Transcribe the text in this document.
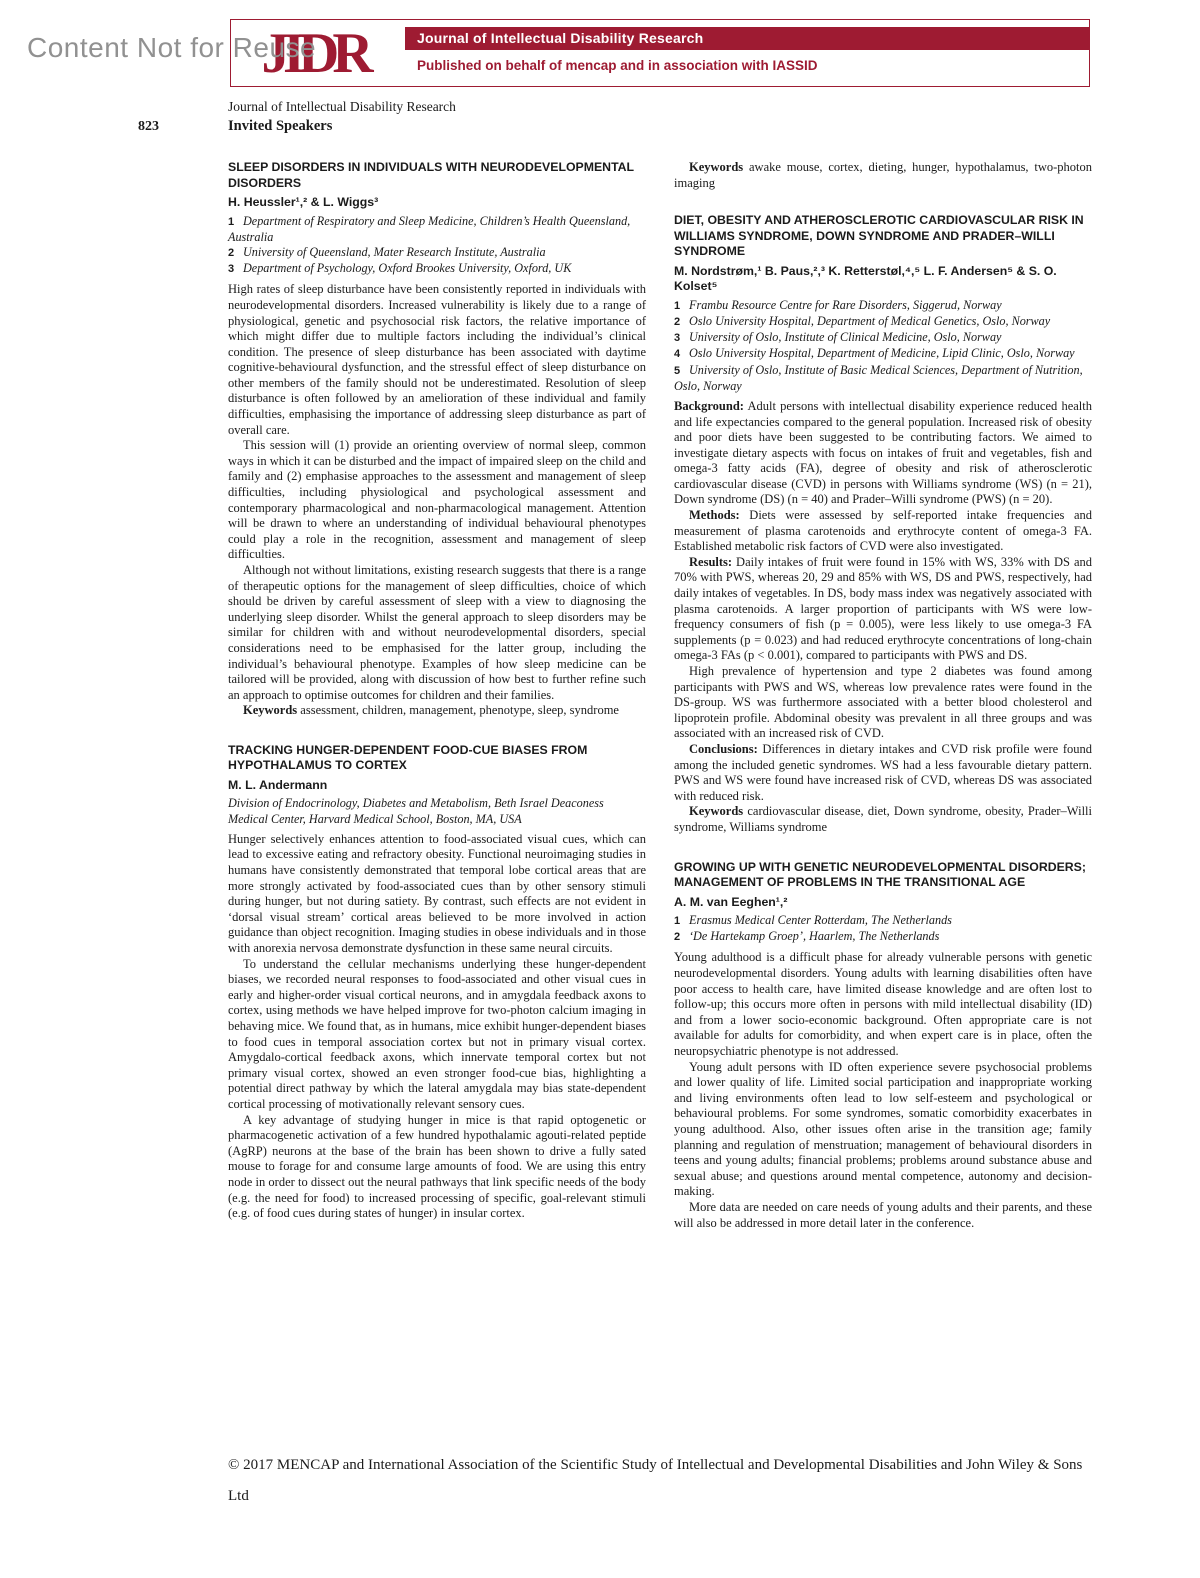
Content Not for Reuse
JIDR	Journal of Intellectual Disability Research
Published on behalf of mencap and in association with IASSID
823

Journal of Intellectual Disability Research

Invited Speakers

SLEEP DISORDERS IN INDIVIDUALS WITH NEURODEVELOPMENTAL DISORDERS

H. Heussler¹,² & L. Wiggs³

1 Department of Respiratory and Sleep Medicine, Children’s Health Queensland, Australia

2 University of Queensland, Mater Research Institute, Australia

3 Department of Psychology, Oxford Brookes University, Oxford, UK

High rates of sleep disturbance have been consistently reported in individuals with neurodevelopmental disorders. Increased vulnerability is likely due to a range of physiological, genetic and psychosocial risk factors, the relative importance of which might differ due to multiple factors including the individual’s clinical condition. The presence of sleep disturbance has been associated with daytime cognitive-behavioural dysfunction, and the stressful effect of sleep disturbance on other members of the family should not be underestimated. Resolution of sleep disturbance is often followed by an amelioration of these individual and family difficulties, emphasising the importance of addressing sleep disturbance as part of overall care.

This session will (1) provide an orienting overview of normal sleep, common ways in which it can be disturbed and the impact of impaired sleep on the child and family and (2) emphasise approaches to the assessment and management of sleep difficulties, including physiological and psychological assessment and contemporary pharmacological and non-pharmacological management. Attention will be drawn to where an understanding of individual behavioural phenotypes could play a role in the recognition, assessment and management of sleep difficulties.

Although not without limitations, existing research suggests that there is a range of therapeutic options for the management of sleep difficulties, choice of which should be driven by careful assessment of sleep with a view to diagnosing the underlying sleep disorder. Whilst the general approach to sleep disorders may be similar for children with and without neurodevelopmental disorders, special considerations need to be emphasised for the latter group, including the individual’s behavioural phenotype. Examples of how sleep medicine can be tailored will be provided, along with discussion of how best to further refine such an approach to optimise outcomes for children and their families.

Keywords assessment, children, management, phenotype, sleep, syndrome

TRACKING HUNGER-DEPENDENT FOOD-CUE BIASES FROM HYPOTHALAMUS TO CORTEX

M. L. Andermann

Division of Endocrinology, Diabetes and Metabolism, Beth Israel Deaconess Medical Center, Harvard Medical School, Boston, MA, USA

Hunger selectively enhances attention to food-associated visual cues, which can lead to excessive eating and refractory obesity. Functional neuroimaging studies in humans have consistently demonstrated that temporal lobe cortical areas that are more strongly activated by food-associated cues than by other sensory stimuli during hunger, but not during satiety. By contrast, such effects are not evident in ‘dorsal visual stream’ cortical areas believed to be more involved in action guidance than object recognition. Imaging studies in obese individuals and in those with anorexia nervosa demonstrate dysfunction in these same neural circuits.

To understand the cellular mechanisms underlying these hunger-dependent biases, we recorded neural responses to food-associated and other visual cues in early and higher-order visual cortical neurons, and in amygdala feedback axons to cortex, using methods we have helped improve for two-photon calcium imaging in behaving mice. We found that, as in humans, mice exhibit hunger-dependent biases to food cues in temporal association cortex but not in primary visual cortex. Amygdalo-cortical feedback axons, which innervate temporal cortex but not primary visual cortex, showed an even stronger food-cue bias, highlighting a potential direct pathway by which the lateral amygdala may bias state-dependent cortical processing of motivationally relevant sensory cues.

A key advantage of studying hunger in mice is that rapid optogenetic or pharmacogenetic activation of a few hundred hypothalamic agouti-related peptide (AgRP) neurons at the base of the brain has been shown to drive a fully sated mouse to forage for and consume large amounts of food. We are using this entry node in order to dissect out the neural pathways that link specific needs of the body (e.g. the need for food) to increased processing of specific, goal-relevant stimuli (e.g. of food cues during states of hunger) in insular cortex.

Keywords awake mouse, cortex, dieting, hunger, hypothalamus, two-photon imaging

DIET, OBESITY AND ATHEROSCLEROTIC CARDIOVASCULAR RISK IN WILLIAMS SYNDROME, DOWN SYNDROME AND PRADER–WILLI SYNDROME

M. Nordstrøm,¹ B. Paus,²,³ K. Retterstøl,⁴,⁵ L. F. Andersen⁵ & S. O. Kolset⁵

1 Frambu Resource Centre for Rare Disorders, Siggerud, Norway

2 Oslo University Hospital, Department of Medical Genetics, Oslo, Norway

3 University of Oslo, Institute of Clinical Medicine, Oslo, Norway

4 Oslo University Hospital, Department of Medicine, Lipid Clinic, Oslo, Norway

5 University of Oslo, Institute of Basic Medical Sciences, Department of Nutrition, Oslo, Norway

Background: Adult persons with intellectual disability experience reduced health and life expectancies compared to the general population. Increased risk of obesity and poor diets have been suggested to be contributing factors. We aimed to investigate dietary aspects with focus on intakes of fruit and vegetables, fish and omega-3 fatty acids (FA), degree of obesity and risk of atherosclerotic cardiovascular disease (CVD) in persons with Williams syndrome (WS) (n = 21), Down syndrome (DS) (n = 40) and Prader–Willi syndrome (PWS) (n = 20).

Methods: Diets were assessed by self-reported intake frequencies and measurement of plasma carotenoids and erythrocyte content of omega-3 FA. Established metabolic risk factors of CVD were also investigated.

Results: Daily intakes of fruit were found in 15% with WS, 33% with DS and 70% with PWS, whereas 20, 29 and 85% with WS, DS and PWS, respectively, had daily intakes of vegetables. In DS, body mass index was negatively associated with plasma carotenoids. A larger proportion of participants with WS were low-frequency consumers of fish (p = 0.005), were less likely to use omega-3 FA supplements (p = 0.023) and had reduced erythrocyte concentrations of long-chain omega-3 FAs (p < 0.001), compared to participants with PWS and DS.

High prevalence of hypertension and type 2 diabetes was found among participants with PWS and WS, whereas low prevalence rates were found in the DS-group. WS was furthermore associated with a better blood cholesterol and lipoprotein profile. Abdominal obesity was prevalent in all three groups and was associated with an increased risk of CVD.

Conclusions: Differences in dietary intakes and CVD risk profile were found among the included genetic syndromes. WS had a less favourable dietary pattern. PWS and WS were found have increased risk of CVD, whereas DS was associated with reduced risk.

Keywords cardiovascular disease, diet, Down syndrome, obesity, Prader–Willi syndrome, Williams syndrome

GROWING UP WITH GENETIC NEURODEVELOPMENTAL DISORDERS; MANAGEMENT OF PROBLEMS IN THE TRANSITIONAL AGE

A. M. van Eeghen¹,²

1 Erasmus Medical Center Rotterdam, The Netherlands

2 ‘De Hartekamp Groep’, Haarlem, The Netherlands

Young adulthood is a difficult phase for already vulnerable persons with genetic neurodevelopmental disorders. Young adults with learning disabilities often have poor access to health care, have limited disease knowledge and are often lost to follow-up; this occurs more often in persons with mild intellectual disability (ID) and from a lower socio-economic background. Often appropriate care is not available for adults for comorbidity, and when expert care is in place, often the neuropsychiatric phenotype is not addressed.

Young adult persons with ID often experience severe psychosocial problems and lower quality of life. Limited social participation and inappropriate working and living environments often lead to low self-esteem and psychological or behavioural problems. For some syndromes, somatic comorbidity exacerbates in young adulthood. Also, other issues often arise in the transition age; family planning and regulation of menstruation; management of behavioural disorders in teens and young adults; financial problems; problems around substance abuse and sexual abuse; and questions around mental competence, autonomy and decision-making.

More data are needed on care needs of young adults and their parents, and these will also be addressed in more detail later in the conference.

© 2017 MENCAP and International Association of the Scientific Study of Intellectual and Developmental Disabilities and John Wiley & Sons Ltd
